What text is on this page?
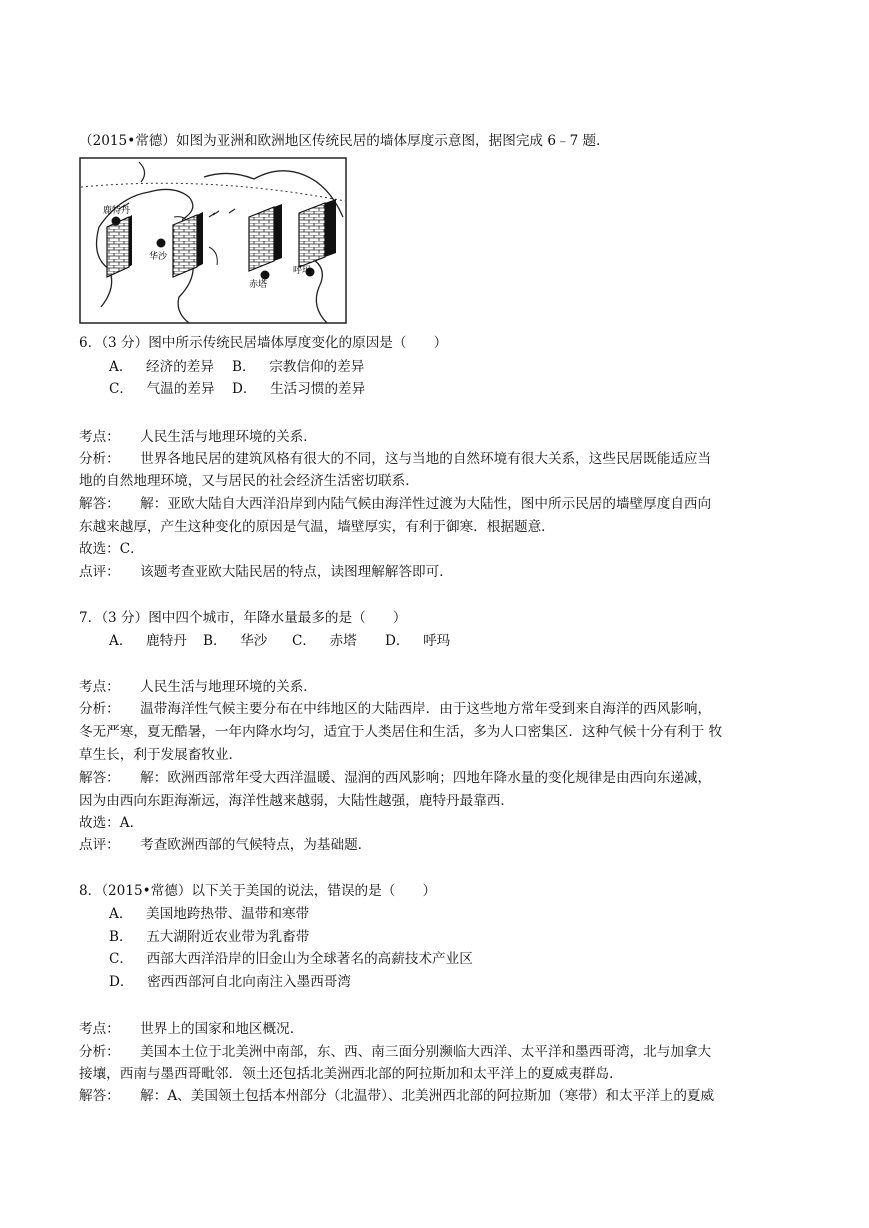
（2015•常德）如图为亚洲和欧洲地区传统民居的墙体厚度示意图，据图完成 6﹣7 题．
鹿特丹
华沙
赤塔
呼玛
6．（3 分）图中所示传统民居墙体厚度变化的原因是（　　）
A．　 经济的差异 B．　 宗教信仰的差异
C．　 气温的差异 D．　 生活习惯的差异
考点：　　 人民生活与地理环境的关系．
分析：　　 世界各地民居的建筑风格有很大的不同，这与当地的自然环境有很大关系，这些民居既能适应当
地的自然地理环境，又与居民的社会经济生活密切联系．
解答：　　 解：亚欧大陆自大西洋沿岸到内陆气候由海洋性过渡为大陆性，图中所示民居的墙壁厚度自西向
东越来越厚，产生这种变化的原因是气温，墙壁厚实，有利于御寒．根据题意．
故选：C．
点评：　　 该题考查亚欧大陆民居的特点，读图理解解答即可．
7．（3 分）图中四个城市，年降水量最多的是（　　）
A．　 鹿特丹 B．　 华沙 C．　 赤塔 D．　 呼玛
考点：　　 人民生活与地理环境的关系．
分析：　　 温带海洋性气候主要分布在中纬地区的大陆西岸．由于这些地方常年受到来自海洋的西风影响，
冬无严寒，夏无酷暑，一年内降水均匀，适宜于人类居住和生活，多为人口密集区．这种气候十分有利于 牧
草生长，利于发展畜牧业．
解答：　　 解：欧洲西部常年受大西洋温暖、湿润的西风影响；四地年降水量的变化规律是由西向东递减，
因为由西向东距海渐远，海洋性越来越弱，大陆性越强，鹿特丹最靠西．
故选：A．
点评：　　 考查欧洲西部的气候特点，为基础题．
8．（2015•常德）以下关于美国的说法，错误的是（　　）
A．　 美国地跨热带、温带和寒带
B．　 五大湖附近农业带为乳畜带
C．　 西部大西洋沿岸的旧金山为全球著名的高薪技术产业区
D．　 密西西部河自北向南注入墨西哥湾
考点：　　 世界上的国家和地区概况．
分析：　　 美国本土位于北美洲中南部，东、西、南三面分别濒临大西洋、太平洋和墨西哥湾，北与加拿大
接壤，西南与墨西哥毗邻．领土还包括北美洲西北部的阿拉斯加和太平洋上的夏威夷群岛．
解答：　　 解：A、美国领土包括本州部分（北温带）、北美洲西北部的阿拉斯加（寒带）和太平洋上的夏威
